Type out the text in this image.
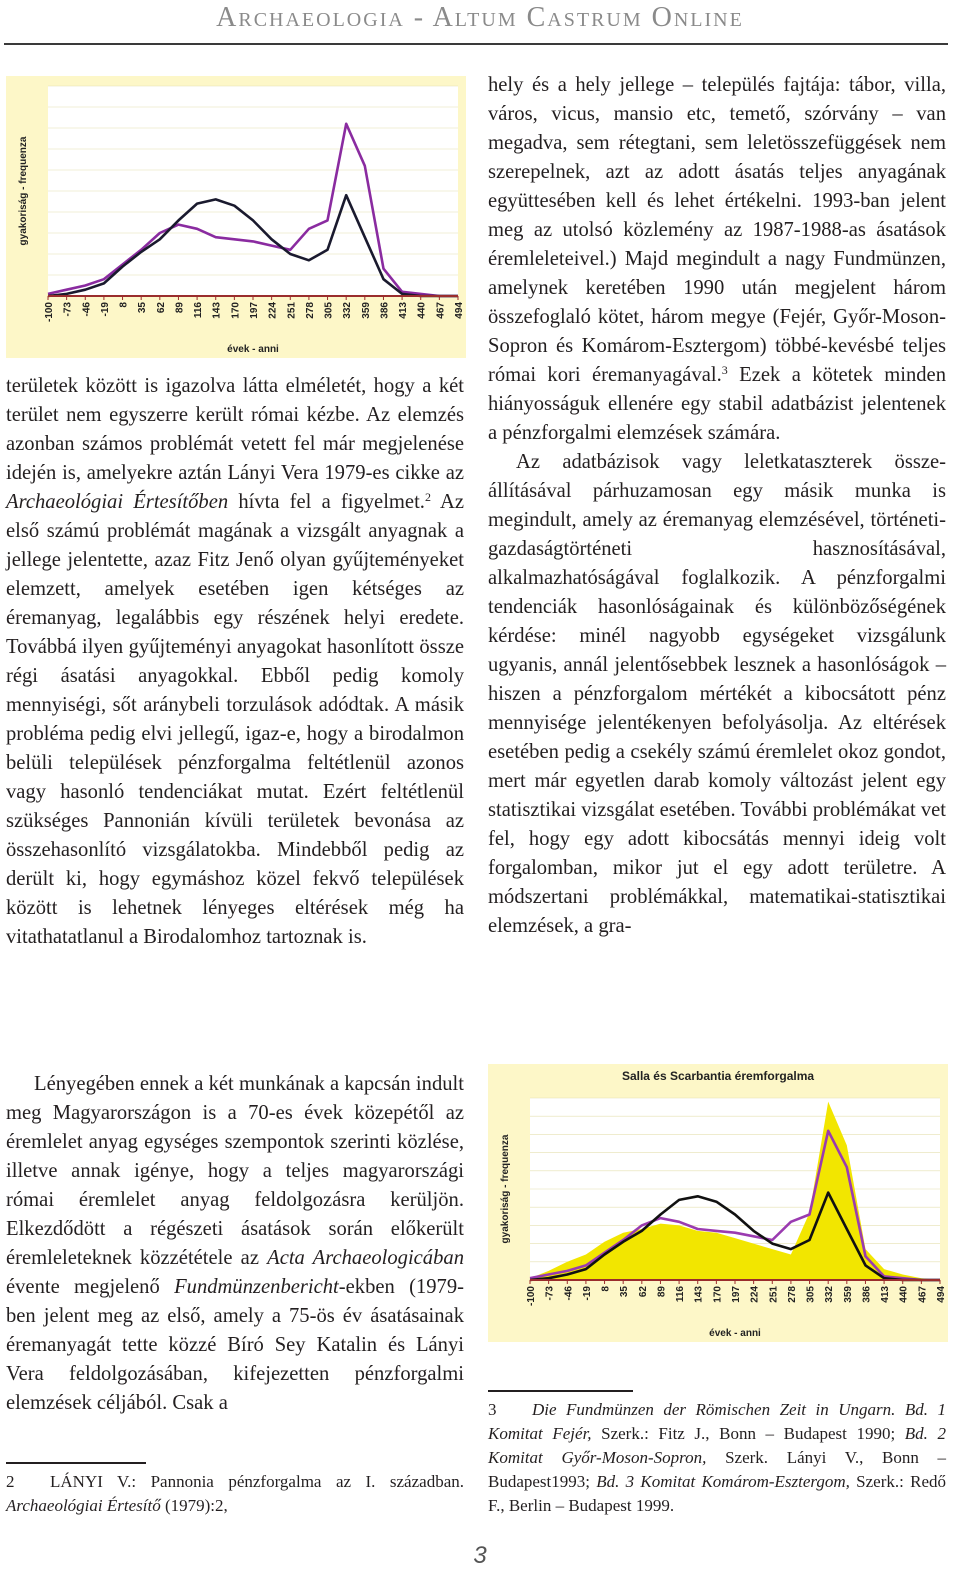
Archaeologia - Altum Castrum Online
-100 -73 -46 -19 8 35 62 89 116 143 170 197 224 251 278 305 332 359 386 413 440 467 494
gyakoriság - frequenza
évek - anni

területek között is igazolva látta elméletét, hogy a két terület nem egyszerre került római kézbe. Az elemzés azonban számos problémát vetett fel már megjelenése idején is, amelyekre aztán Lányi Vera 1979-es cikke az Archaeológiai Értesítőben hívta fel a figyelmet.$^2$ Az első számú problémát magának a vizsgált anyagnak a jellege jelentette, azaz Fitz Jenő olyan gyűjteményeket elemzett, amelyek esetében igen kétséges az éremanyag, legalábbis egy részének helyi eredete. Továbbá ilyen gyűjteményi anyagokat hasonlított össze régi ásatási anyagokkal. Ebből pedig komoly mennyiségi, sőt aránybeli torzulások adódtak. A másik probléma pedig elvi jellegű, igaz-e, hogy a birodalmon belüli települések pénzforgalma feltétlenül azonos vagy hasonló tendenciákat mutat. Ezért feltétlenül szükséges Pannonián kívüli területek bevonása az összehasonlító vizsgálatokba. Mindebből pedig az derült ki, hogy egymáshoz közel fekvő települések között is lehetnek lényeges eltérések még ha vitathatatlanul a Birodalomhoz tartoznak is.

Lényegében ennek a két munkának a kapcsán indult meg Magyarországon is a 70-es évek közepétől az éremlelet anyag egységes szempontok szerinti közlése, illetve annak igénye, hogy a teljes magyarországi római éremlelet anyag feldolgozásra kerüljön. Elkezdődött a régészeti ásatások során előkerült éremleleteknek közzététele az Acta Archaeologicában évente megjelenő Fundmünzenbericht-ekben (1979-ben jelent meg az első, amely a 75-ös év ásatásainak éremanyagát tette közzé Bíró Sey Katalin és Lányi Vera feldolgozásában, kifejezetten pénzforgalmi elemzések céljából. Csak a

hely és a hely jellege – település fajtája: tábor, villa, város, vicus, mansio etc, temető, szórvány – van megadva, sem rétegtani, sem leletösszefüggések nem szerepelnek, azt az adott ásatás teljes anyagának együttesében kell és lehet értékelni. 1993-ban jelent meg az utolsó közlemény az 1987-1988-as ásatások éremleleteivel.) Majd megindult a nagy Fundmünzen, amelynek keretében 1990 után megjelent három összefoglaló kötet, három megye (Fejér, Győr-Moson-Sopron és Komárom-Esztergom) többé-kevésbé teljes római kori éremanyagával.$^3$ Ezek a kötetek minden hiányosságuk ellenére egy stabil adatbázist jelentenek a pénzforgalmi elemzések számára.

Az adatbázisok vagy leletkataszterek összeállításával párhuzamosan egy másik munka is megindult, amely az éremanyag elemzésével, történeti-gazdaságtörténeti hasznosításával, alkalmazhatóságával foglalkozik. A pénzforgalmi tendenciák hasonlóságainak és különbözőségének kérdése: minél nagyobb egységeket vizsgálunk ugyanis, annál jelentősebbek lesznek a hasonlóságok – hiszen a pénzforgalom mértékét a kibocsátott pénz mennyisége jelentékenyen befolyásolja. Az eltérések esetében pedig a csekély számú éremlelet okoz gondot, mert már egyetlen darab komoly változást jelent egy statisztikai vizsgálat esetében. További problémákat vet fel, hogy egy adott kibocsátás mennyi ideig volt forgalomban, mikor jut el egy adott területre. A módszertani problémákkal, matematikai-statisztikai elemzések, a gra-

-100 -73 -46 -19 8 35 62 89 116 143 170 197 224 251 278 305 332 359 386 413 440 467 494
gyakoriság - frequenza
évek - anni
Salla és Scarbantia éremforgalma
2 LÁNYI V.: Pannonia pénzforgalma az I. században. Archaeológiai Értesítő (1979):2,
3 Die Fundmünzen der Römischen Zeit in Ungarn. Bd. 1 Komitat Fejér, Szerk.: Fitz J., Bonn – Budapest 1990; Bd. 2 Komitat Győr-Moson-Sopron, Szerk. Lányi V., Bonn – Budapest1993; Bd. 3 Komitat Komárom-Esztergom, Szerk.: Redő F., Berlin – Budapest 1999.
3
